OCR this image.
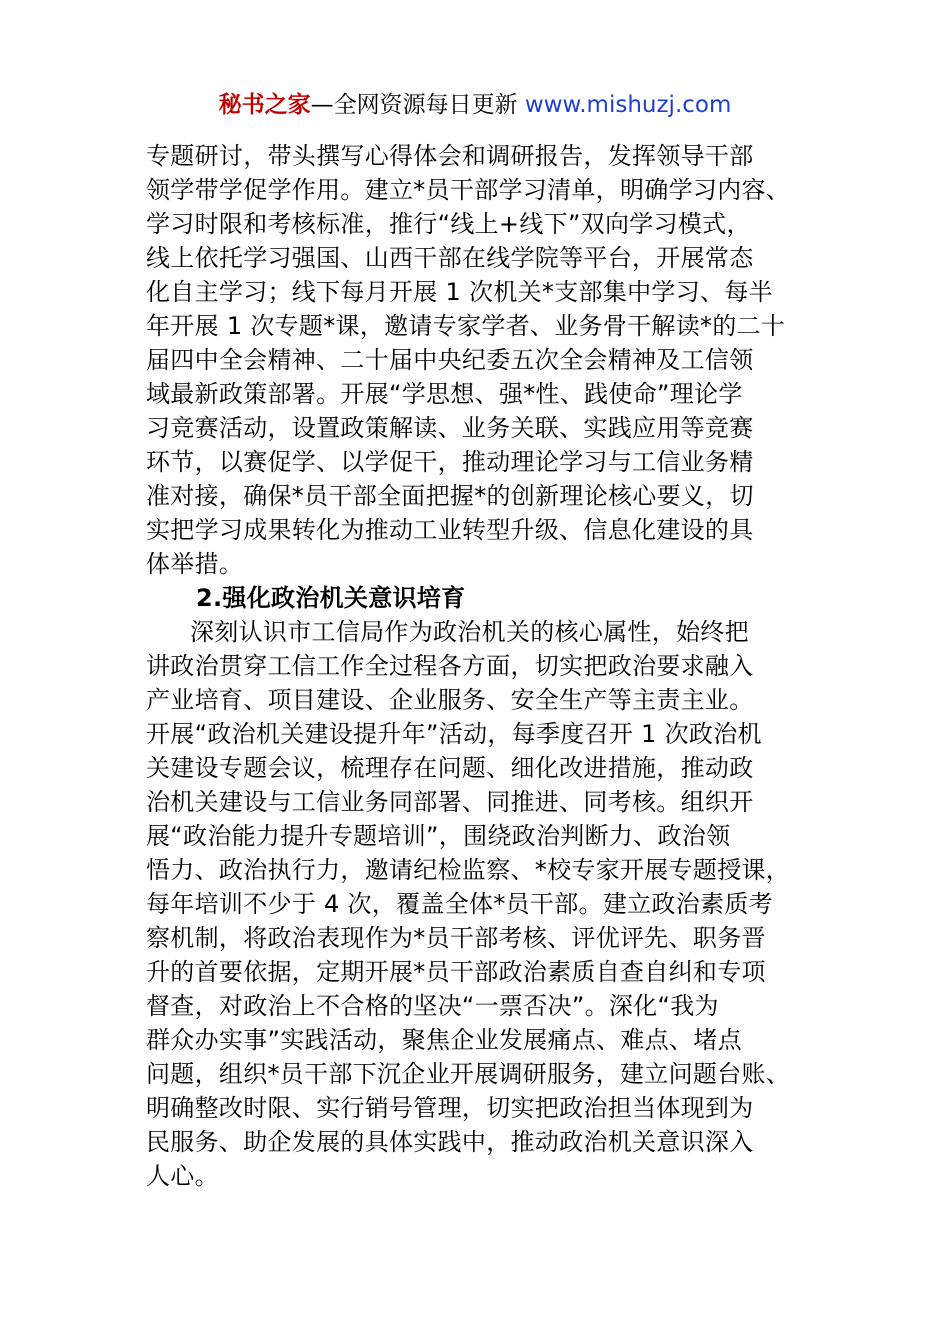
秘书之家—全网资源每日更新 www.mishuzj.com
专题研讨，带头撰写心得体会和调研报告，发挥领导干部
领学带学促学作用。建立*员干部学习清单，明确学习内容、
学习时限和考核标准，推行“线上+线下”双向学习模式，
线上依托学习强国、山西干部在线学院等平台，开展常态
化自主学习；线下每月开展 1 次机关*支部集中学习、每半
年开展 1 次专题*课，邀请专家学者、业务骨干解读*的二十
届四中全会精神、二十届中央纪委五次全会精神及工信领
域最新政策部署。开展“学思想、强*性、践使命”理论学
习竞赛活动，设置政策解读、业务关联、实践应用等竞赛
环节，以赛促学、以学促干，推动理论学习与工信业务精
准对接，确保*员干部全面把握*的创新理论核心要义，切
实把学习成果转化为推动工业转型升级、信息化建设的具
体举措。
2.强化政治机关意识培育
深刻认识市工信局作为政治机关的核心属性，始终把
讲政治贯穿工信工作全过程各方面，切实把政治要求融入
产业培育、项目建设、企业服务、安全生产等主责主业。
开展“政治机关建设提升年”活动，每季度召开 1 次政治机
关建设专题会议，梳理存在问题、细化改进措施，推动政
治机关建设与工信业务同部署、同推进、同考核。组织开
展“政治能力提升专题培训”，围绕政治判断力、政治领
悟力、政治执行力，邀请纪检监察、*校专家开展专题授课，
每年培训不少于 4 次，覆盖全体*员干部。建立政治素质考
察机制，将政治表现作为*员干部考核、评优评先、职务晋
升的首要依据，定期开展*员干部政治素质自查自纠和专项
督查，对政治上不合格的坚决“一票否决”。深化“我为
群众办实事”实践活动，聚焦企业发展痛点、难点、堵点
问题，组织*员干部下沉企业开展调研服务，建立问题台账、
明确整改时限、实行销号管理，切实把政治担当体现到为
民服务、助企发展的具体实践中，推动政治机关意识深入
人心。
